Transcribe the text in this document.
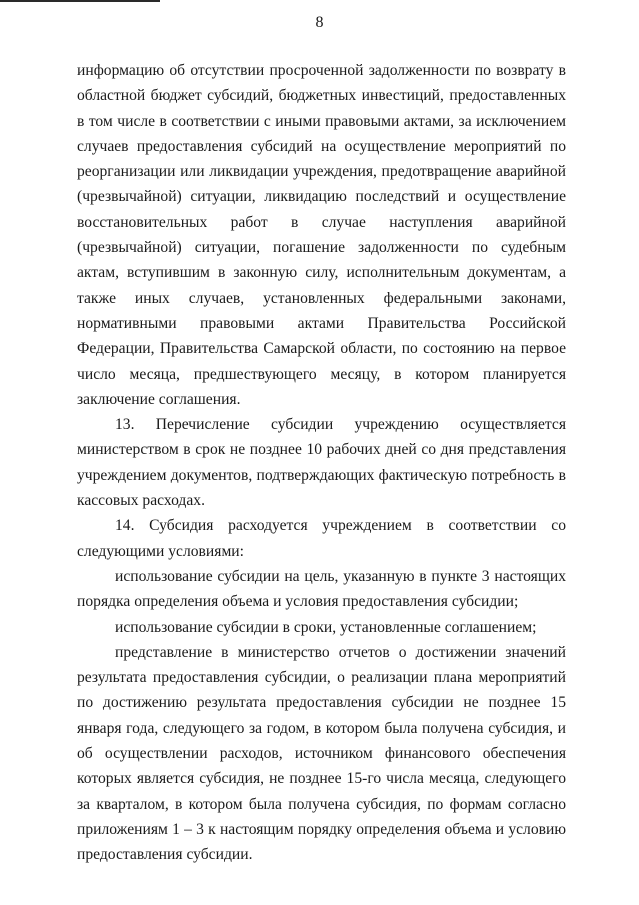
8

информацию об отсутствии просроченной задолженности по возврату в областной бюджет субсидий, бюджетных инвестиций, предоставленных в том числе в соответствии с иными правовыми актами, за исключением случаев предоставления субсидий на осуществление мероприятий по реорганизации или ликвидации учреждения, предотвращение аварийной (чрезвычайной) ситуации, ликвидацию последствий и осуществление восстановительных работ в случае наступления аварийной (чрезвычайной) ситуации, погашение задолженности по судебным актам, вступившим в законную силу, исполнительным документам, а также иных случаев, установленных федеральными законами, нормативными правовыми актами Правительства Российской Федерации, Правительства Самарской области, по состоянию на первое число месяца, предшествующего месяцу, в котором планируется заключение соглашения.

13. Перечисление субсидии учреждению осуществляется министерством в срок не позднее 10 рабочих дней со дня представления учреждением документов, подтверждающих фактическую потребность в кассовых расходах.

14. Субсидия расходуется учреждением в соответствии со следующими условиями:

использование субсидии на цель, указанную в пункте 3 настоящих порядка определения объема и условия предоставления субсидии;

использование субсидии в сроки, установленные соглашением;

представление в министерство отчетов о достижении значений результата предоставления субсидии, о реализации плана мероприятий по достижению результата предоставления субсидии не позднее 15 января года, следующего за годом, в котором была получена субсидия, и об осуществлении расходов, источником финансового обеспечения которых является субсидия, не позднее 15-го числа месяца, следующего за кварталом, в котором была получена субсидия, по формам согласно приложениям 1 – 3 к настоящим порядку определения объема и условию предоставления субсидии.
